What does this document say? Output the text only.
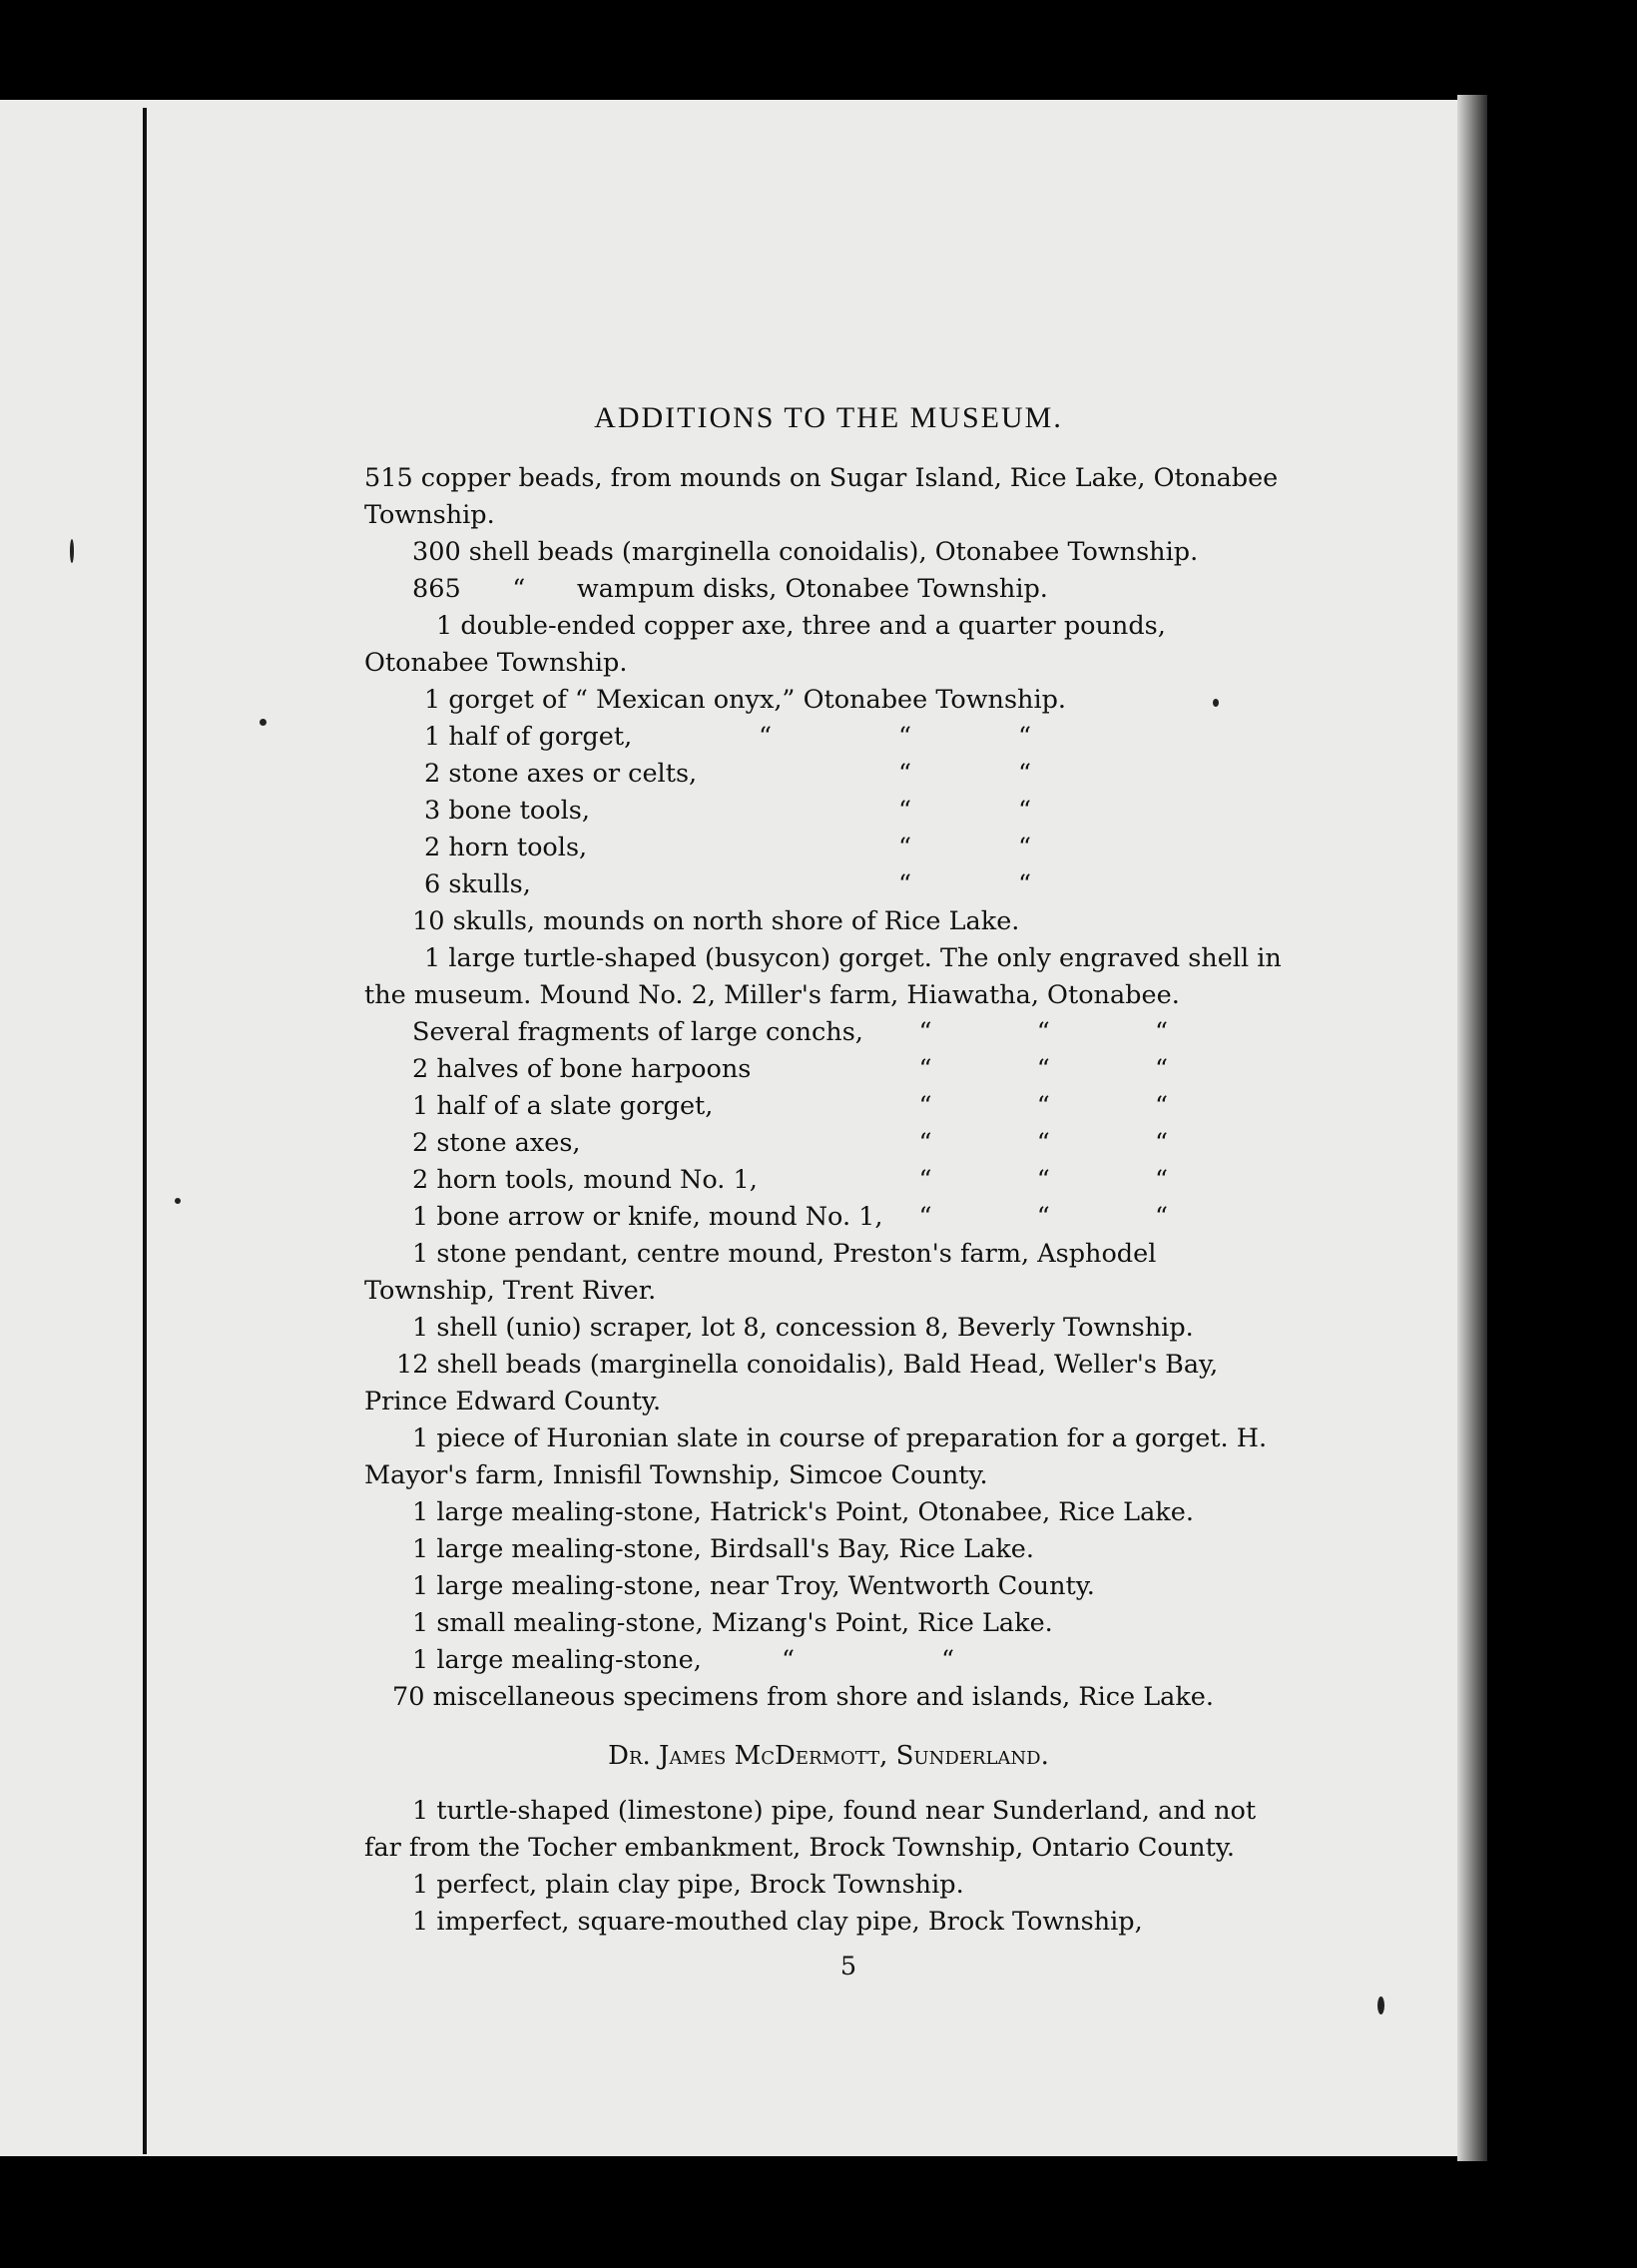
ADDITIONS TO THE MUSEUM.

515 copper beads, from mounds on Sugar Island, Rice Lake, Otonabee Township.

300 shell beads (marginella conoidalis), Otonabee Township.

865 “ wampum disks, Otonabee Township.

1 double-ended copper axe, three and a quarter pounds, Otonabee Township.

1 gorget of “ Mexican onyx,” Otonabee Township.

1 half of gorget,	“	“	“
2 stone axes or celts,	“	“
3 bone tools,	“	“
2 horn tools,	“	“
6 skulls,	“	“

10 skulls, mounds on north shore of Rice Lake.

1 large turtle-shaped (busycon) gorget. The only engraved shell in the museum. Mound No. 2, Miller's farm, Hiawatha, Otonabee.

Several fragments of large conchs,	“	“	“
2 halves of bone harpoons	“	“	“
1 half of a slate gorget,	“	“	“
2 stone axes,	“	“	“
2 horn tools, mound No. 1,	“	“	“
1 bone arrow or knife, mound No. 1,	“	“	“

1 stone pendant, centre mound, Preston's farm, Asphodel Township, Trent River.

1 shell (unio) scraper, lot 8, concession 8, Beverly Township.

12 shell beads (marginella conoidalis), Bald Head, Weller's Bay, Prince Edward County.

1 piece of Huronian slate in course of preparation for a gorget. H. Mayor's farm, Innisfil Township, Simcoe County.

1 large mealing-stone, Hatrick's Point, Otonabee, Rice Lake.

1 large mealing-stone, Birdsall's Bay, Rice Lake.

1 large mealing-stone, near Troy, Wentworth County.

1 small mealing-stone, Mizang's Point, Rice Lake.

1 large mealing-stone,	“	“

70 miscellaneous specimens from shore and islands, Rice Lake.

Dr. James McDermott, Sunderland.

1 turtle-shaped (limestone) pipe, found near Sunderland, and not far from the Tocher embankment, Brock Township, Ontario County.

1 perfect, plain clay pipe, Brock Township.

1 imperfect, square-mouthed clay pipe, Brock Township,

5
